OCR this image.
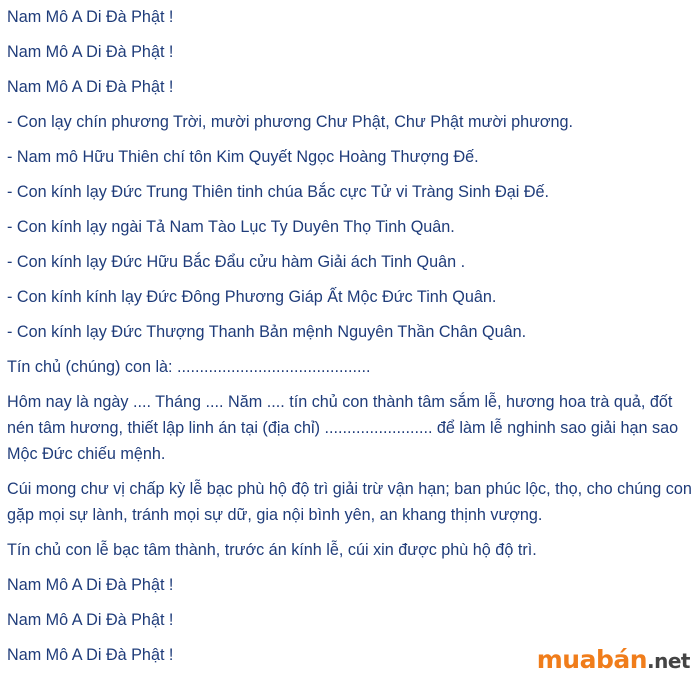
Nam Mô A Di Đà Phật !

Nam Mô A Di Đà Phật !

Nam Mô A Di Đà Phật !

- Con lạy chín phương Trời, mười phương Chư Phật, Chư Phật mười phương.

- Nam mô Hữu Thiên chí tôn Kim Quyết Ngọc Hoàng Thượng Đế.

- Con kính lạy Đức Trung Thiên tinh chúa Bắc cực Tử vi Tràng Sinh Đại Đế.

- Con kính lạy ngài Tả Nam Tào Lục Ty Duyên Thọ Tinh Quân.

- Con kính lạy Đức Hữu Bắc Đẩu cửu hàm Giải ách Tinh Quân .

- Con kính kính lạy Đức Đông Phương Giáp Ất Mộc Đức Tinh Quân.

- Con kính lạy Đức Thượng Thanh Bản mệnh Nguyên Thần Chân Quân.

Tín chủ (chúng) con là: ...........................................

Hôm nay là ngày .... Tháng .... Năm .... tín chủ con thành tâm sắm lễ, hương hoa trà quả, đốt nén tâm hương, thiết lập linh án tại (địa chỉ) ........................ để làm lễ nghinh sao giải hạn sao Mộc Đức chiếu mệnh.

Cúi mong chư vị chấp kỳ lễ bạc phù hộ độ trì giải trừ vận hạn; ban phúc lộc, thọ, cho chúng con gặp mọi sự lành, tránh mọi sự dữ, gia nội bình yên, an khang thịnh vượng.

Tín chủ con lễ bạc tâm thành, trước án kính lễ, cúi xin được phù hộ độ trì.

Nam Mô A Di Đà Phật !

Nam Mô A Di Đà Phật !

Nam Mô A Di Đà Phật !	muabán.net
